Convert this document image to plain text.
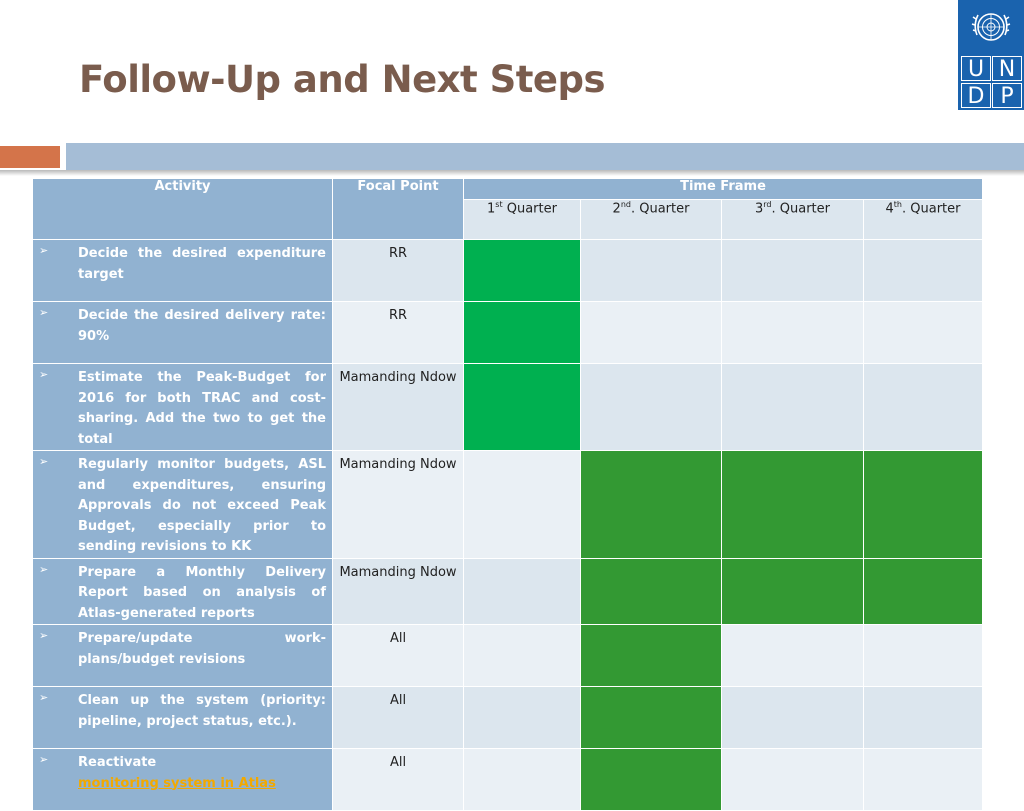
Follow-Up and Next Steps	U N
D P
Activity	Focal Point	Time Frame			
		1st Quarter	2nd. Quarter	3rd. Quarter	4th. Quarter

➢ Decide the desired expenditure target	RR				

➢ Decide the desired delivery rate: 90%	RR				

➢ Estimate the Peak-Budget for 2016 for both TRAC and cost-sharing. Add the two to get the total	Mamanding Ndow				

➢ Regularly monitor budgets, ASL and expenditures, ensuring Approvals do not exceed Peak Budget, especially prior to sending revisions to KK	Mamanding Ndow				

➢ Prepare a Monthly Delivery Report based on analysis of Atlas-generated reports	Mamanding Ndow				

➢ Prepare/update work-plans/budget revisions	All				

➢ Clean up the system (priority: pipeline, project status, etc.).	All				

➢ Reactivate
monitoring system in Atlas	All				
